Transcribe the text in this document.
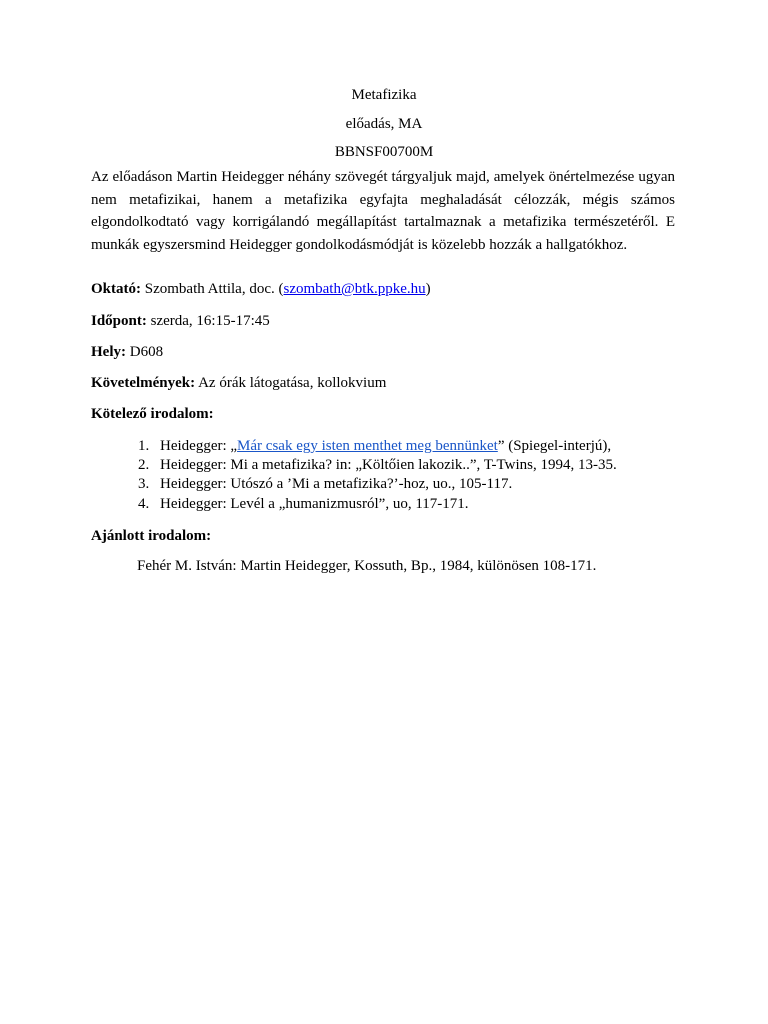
Metafizika
előadás, MA
BBNSF00700M
Az előadáson Martin Heidegger néhány szövegét tárgyaljuk majd, amelyek önértelmezése ugyan nem metafizikai, hanem a metafizika egyfajta meghaladását célozzák, mégis számos elgondolkodtató vagy korrigálandó megállapítást tartalmaznak a metafizika természetéről. E munkák egyszersmind Heidegger gondolkodásmódját is közelebb hozzák a hallgatókhoz.
Oktató: Szombath Attila, doc. (szombath@btk.ppke.hu)
Időpont: szerda, 16:15-17:45
Hely: D608
Követelmények: Az órák látogatása, kollokvium
Kötelező irodalom:
1. Heidegger: „Már csak egy isten menthet meg bennünket” (Spiegel-interjú),
2. Heidegger: Mi a metafizika? in: „Költőien lakozik..”, T-Twins, 1994, 13-35.
3. Heidegger: Utószó a ’Mi a metafizika?’-hoz, uo., 105-117.
4. Heidegger: Levél a „humanizmusról”, uo, 117-171.
Ajánlott irodalom:
Fehér M. István: Martin Heidegger, Kossuth, Bp., 1984, különösen 108-171.
